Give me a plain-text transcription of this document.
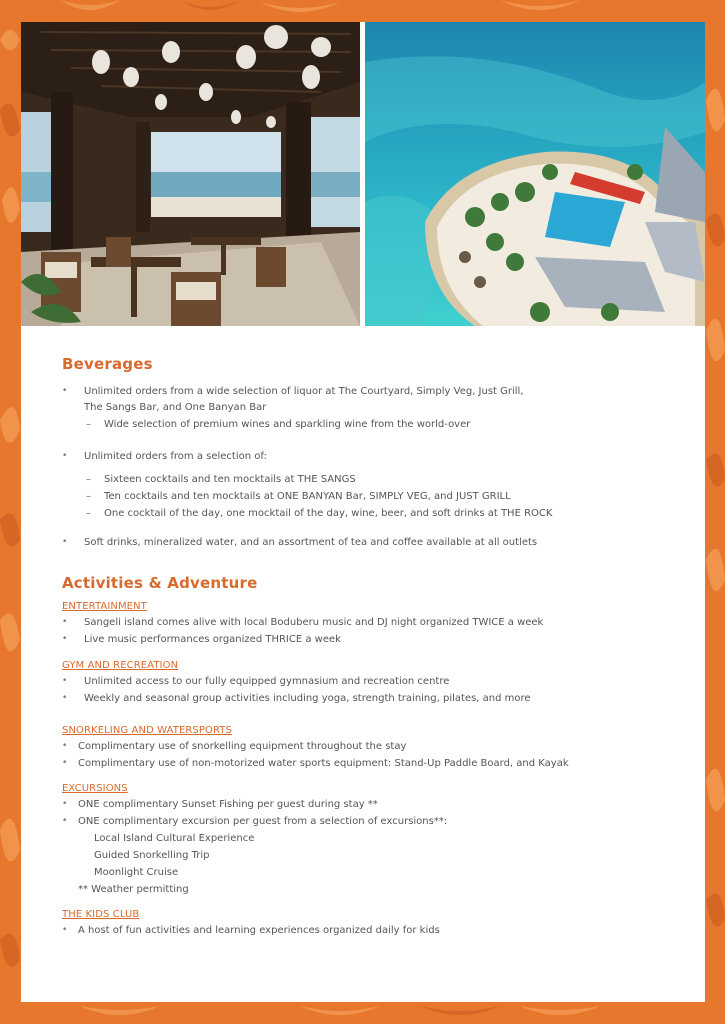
Beverages
• Unlimited orders from a wide selection of liquor at The Courtyard, Simply Veg, Just Grill,
The Sangs Bar, and One Banyan Bar
– Wide selection of premium wines and sparkling wine from the world-over
• Unlimited orders from a selection of:
– Sixteen cocktails and ten mocktails at THE SANGS
– Ten cocktails and ten mocktails at ONE BANYAN Bar, SIMPLY VEG, and JUST GRILL
– One cocktail of the day, one mocktail of the day, wine, beer, and soft drinks at THE ROCK
• Soft drinks, mineralized water, and an assortment of tea and coffee available at all outlets
Activities & Adventure

ENTERTAINMENT

• Sangeli island comes alive with local Boduberu music and DJ night organized TWICE a week
• Live music performances organized THRICE a week

GYM AND RECREATION

• Unlimited access to our fully equipped gymnasium and recreation centre
• Weekly and seasonal group activities including yoga, strength training, pilates, and more

SNORKELING AND WATERSPORTS

• Complimentary use of snorkelling equipment throughout the stay
• Complimentary use of non-motorized water sports equipment: Stand-Up Paddle Board, and Kayak

EXCURSIONS

• ONE complimentary Sunset Fishing per guest during stay **
• ONE complimentary excursion per guest from a selection of excursions**:
Local Island Cultural Experience
Guided Snorkelling Trip
Moonlight Cruise
** Weather permitting

THE KIDS CLUB

• A host of fun activities and learning experiences organized daily for kids
